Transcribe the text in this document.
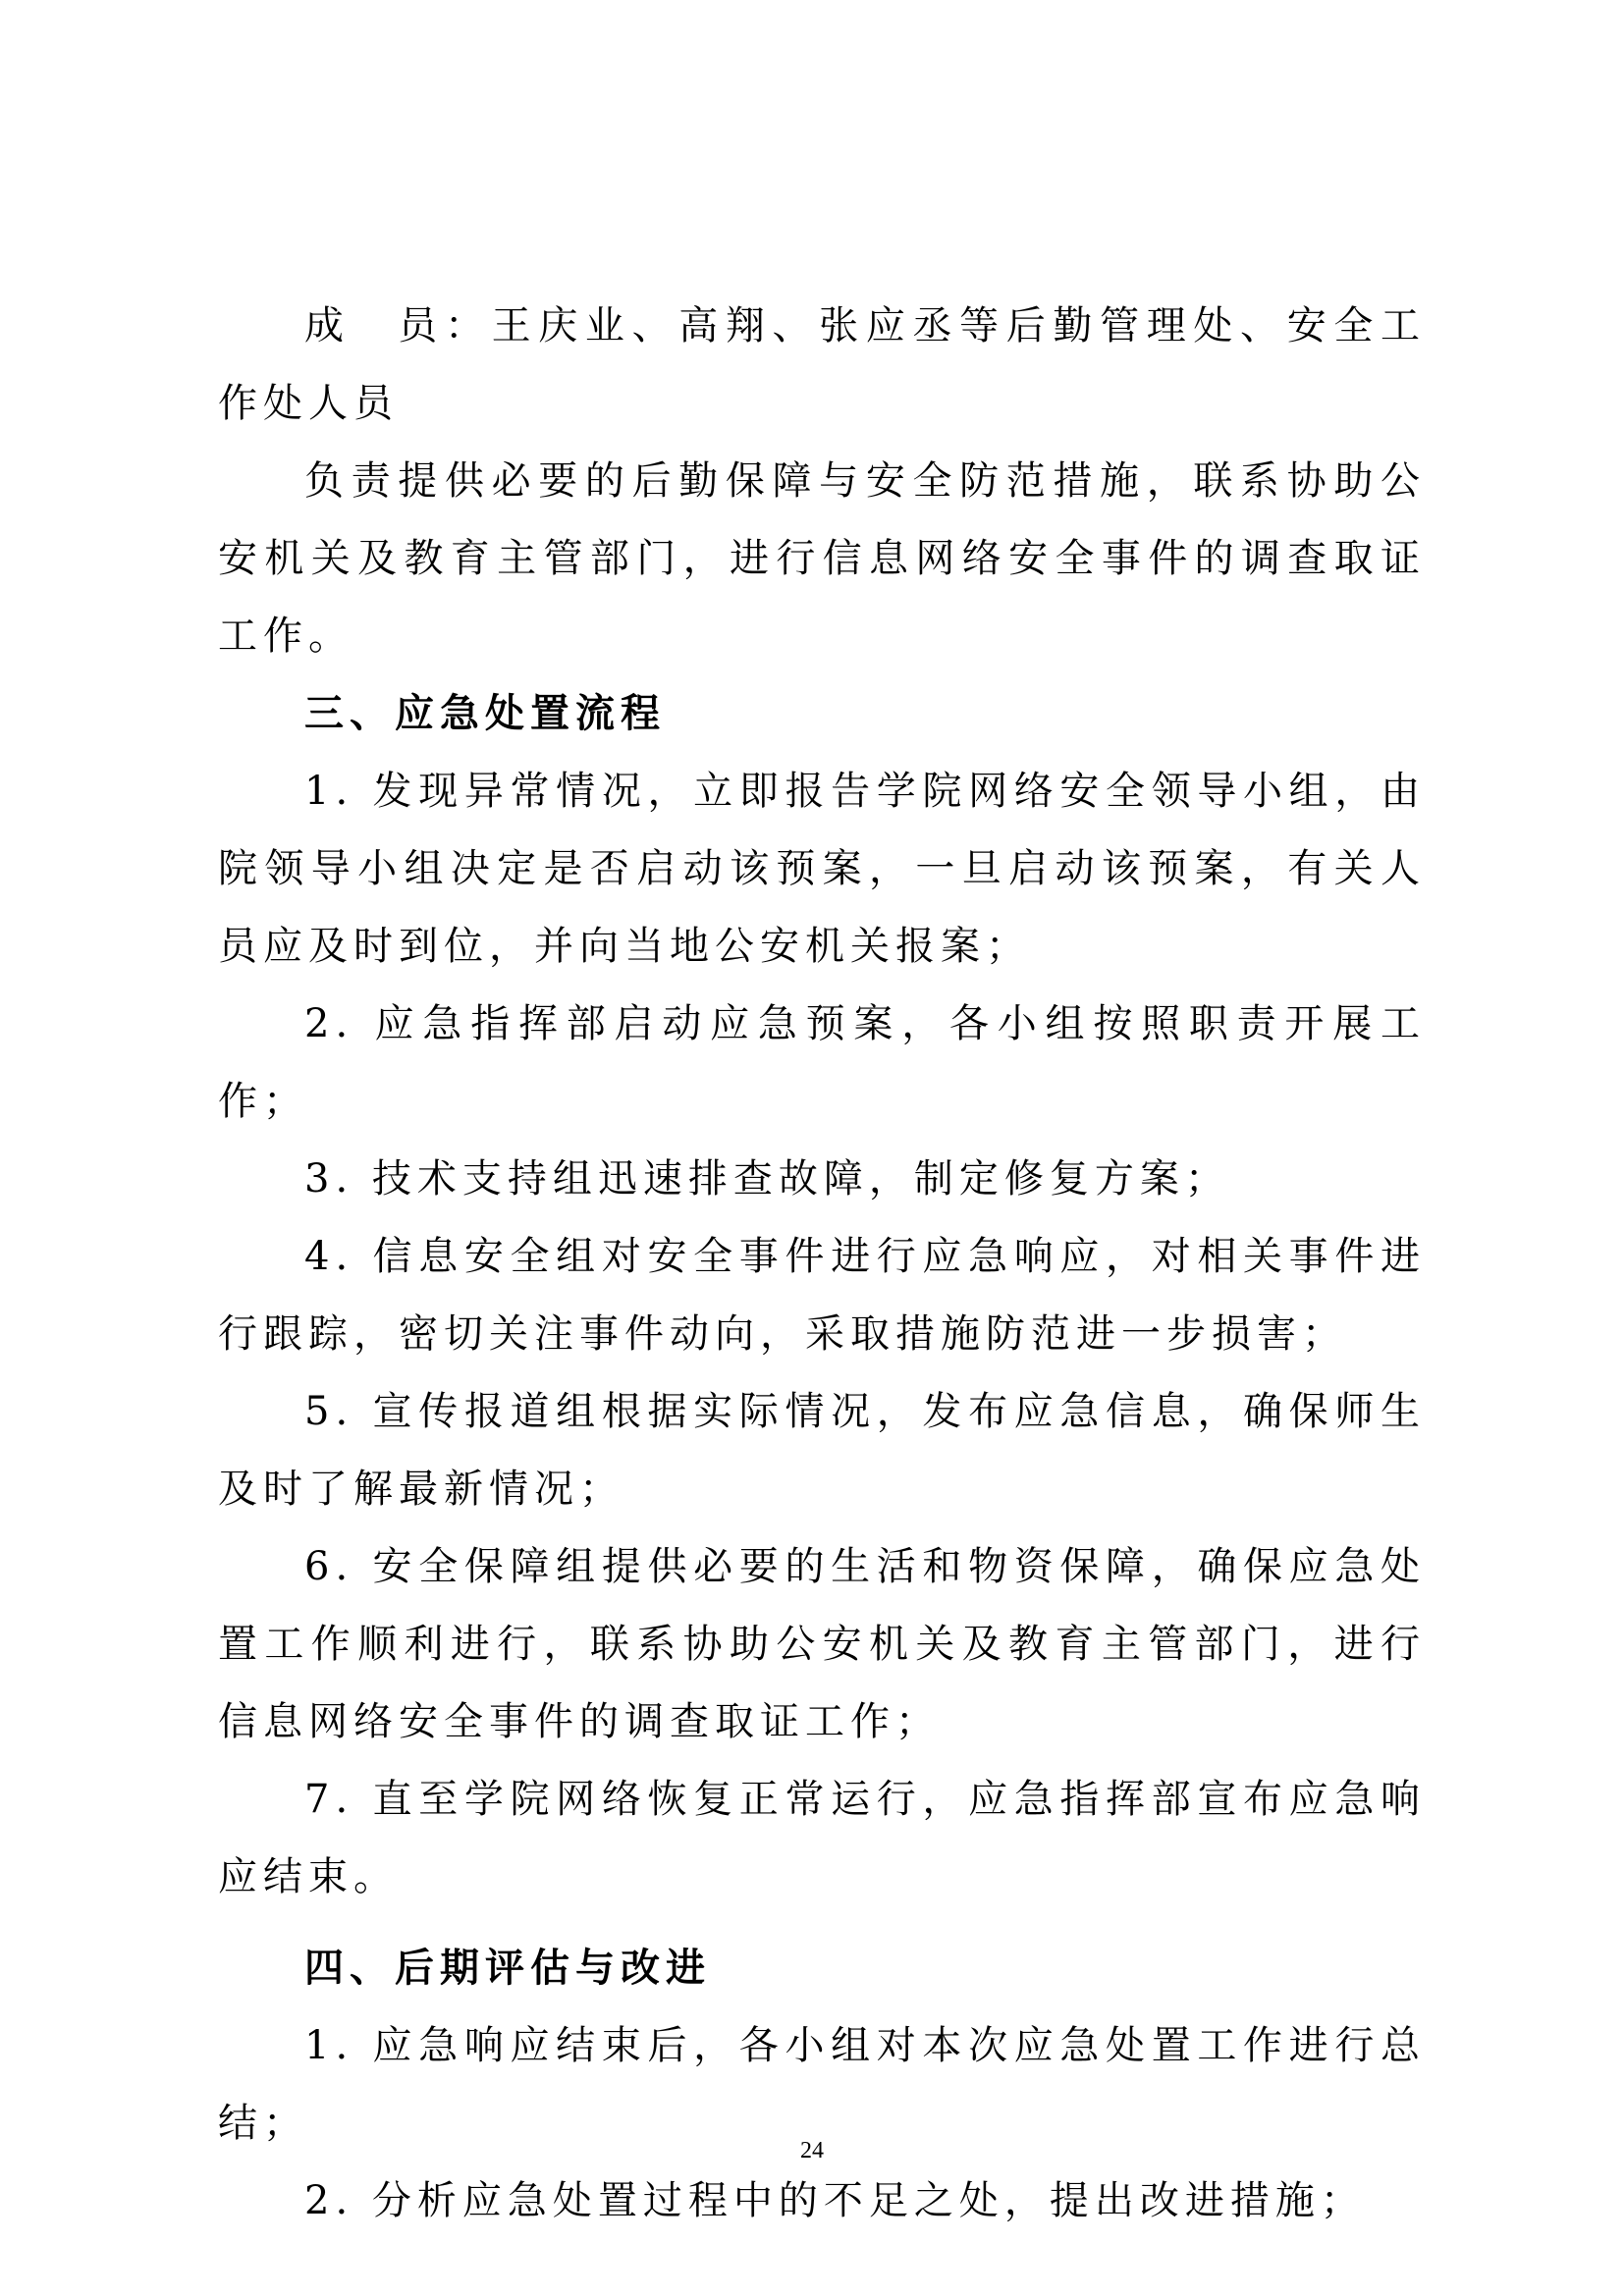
成　员：王庆业、高翔、张应丞等后勤管理处、安全工作处人员

负责提供必要的后勤保障与安全防范措施，联系协助公安机关及教育主管部门，进行信息网络安全事件的调查取证工作。

三、应急处置流程

1. 发现异常情况，立即报告学院网络安全领导小组，由院领导小组决定是否启动该预案，一旦启动该预案，有关人员应及时到位，并向当地公安机关报案；

2. 应急指挥部启动应急预案，各小组按照职责开展工作；

3. 技术支持组迅速排查故障，制定修复方案；

4. 信息安全组对安全事件进行应急响应，对相关事件进行跟踪，密切关注事件动向，采取措施防范进一步损害；

5. 宣传报道组根据实际情况，发布应急信息，确保师生及时了解最新情况；

6. 安全保障组提供必要的生活和物资保障，确保应急处置工作顺利进行，联系协助公安机关及教育主管部门，进行信息网络安全事件的调查取证工作；

7. 直至学院网络恢复正常运行，应急指挥部宣布应急响应结束。

四、后期评估与改进

1. 应急响应结束后，各小组对本次应急处置工作进行总结；

2. 分析应急处置过程中的不足之处，提出改进措施；

24
